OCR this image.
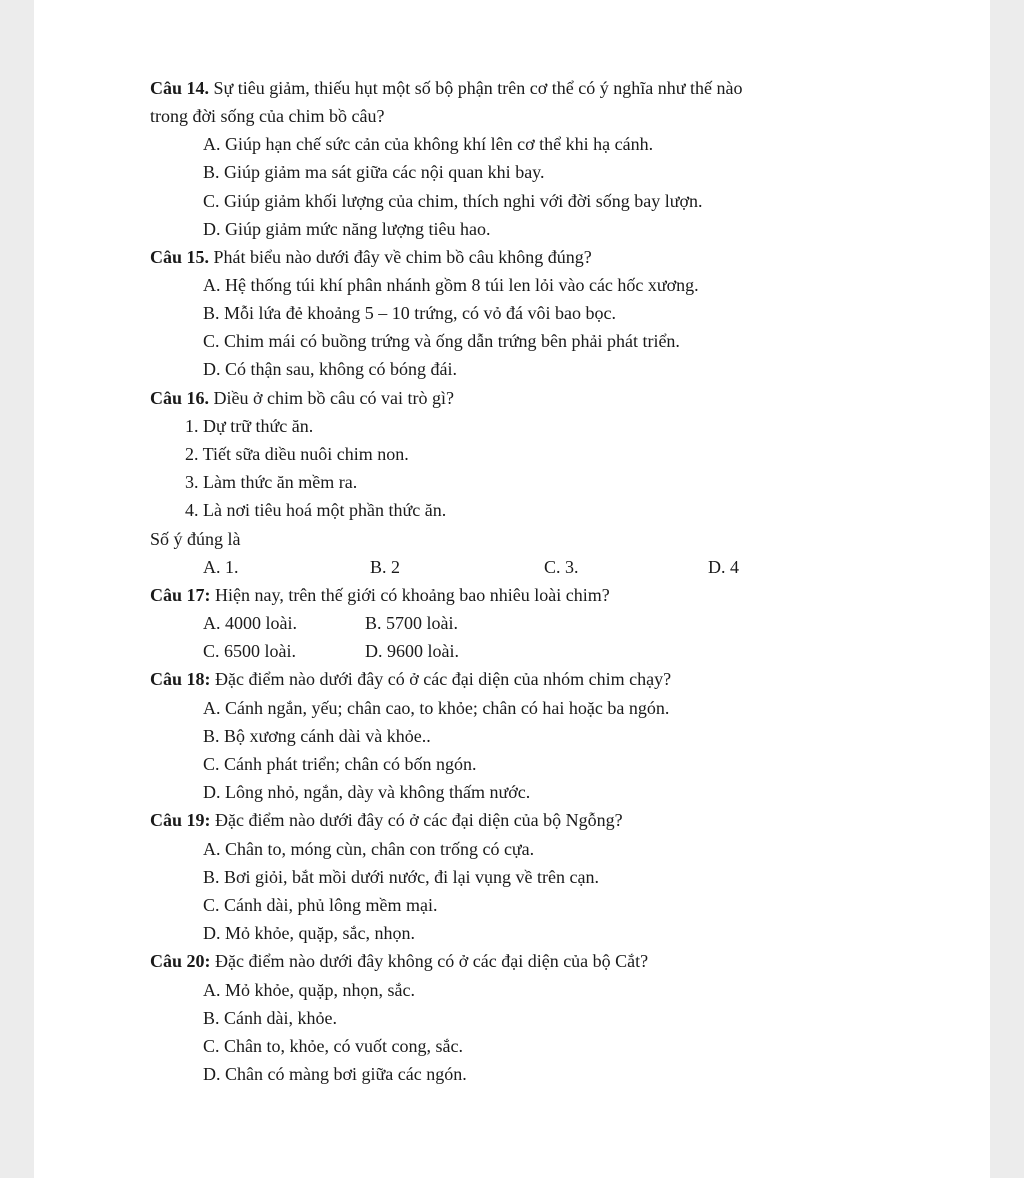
Câu 14. Sự tiêu giảm, thiếu hụt một số bộ phận trên cơ thể có ý nghĩa như thế nào
trong đời sống của chim bồ câu?
A. Giúp hạn chế sức cản của không khí lên cơ thể khi hạ cánh.
B. Giúp giảm ma sát giữa các nội quan khi bay.
C. Giúp giảm khối lượng của chim, thích nghi với đời sống bay lượn.
D. Giúp giảm mức năng lượng tiêu hao.
Câu 15. Phát biểu nào dưới đây về chim bồ câu không đúng?
A. Hệ thống túi khí phân nhánh gồm 8 túi len lỏi vào các hốc xương.
B. Mỗi lứa đẻ khoảng 5 – 10 trứng, có vỏ đá vôi bao bọc.
C. Chim mái có buồng trứng và ống dẫn trứng bên phải phát triển.
D. Có thận sau, không có bóng đái.
Câu 16. Diều ở chim bồ câu có vai trò gì?
1. Dự trữ thức ăn.
2. Tiết sữa diều nuôi chim non.
3. Làm thức ăn mềm ra.
4. Là nơi tiêu hoá một phần thức ăn.
Số ý đúng là
A. 1.	B. 2	C. 3.	D. 4
Câu 17: Hiện nay, trên thế giới có khoảng bao nhiêu loài chim?
A. 4000 loài.	B. 5700 loài.
C. 6500 loài.	D. 9600 loài.
Câu 18: Đặc điểm nào dưới đây có ở các đại diện của nhóm chim chạy?
A. Cánh ngắn, yếu; chân cao, to khỏe; chân có hai hoặc ba ngón.
B. Bộ xương cánh dài và khỏe..
C. Cánh phát triển; chân có bốn ngón.
D. Lông nhỏ, ngắn, dày và không thấm nước.
Câu 19: Đặc điểm nào dưới đây có ở các đại diện của bộ Ngỗng?
A. Chân to, móng cùn, chân con trống có cựa.
B. Bơi giỏi, bắt mồi dưới nước, đi lại vụng về trên cạn.
C. Cánh dài, phủ lông mềm mại.
D. Mỏ khỏe, quặp, sắc, nhọn.
Câu 20: Đặc điểm nào dưới đây không có ở các đại diện của bộ Cắt?
A. Mỏ khỏe, quặp, nhọn, sắc.
B. Cánh dài, khỏe.
C. Chân to, khỏe, có vuốt cong, sắc.
D. Chân có màng bơi giữa các ngón.
